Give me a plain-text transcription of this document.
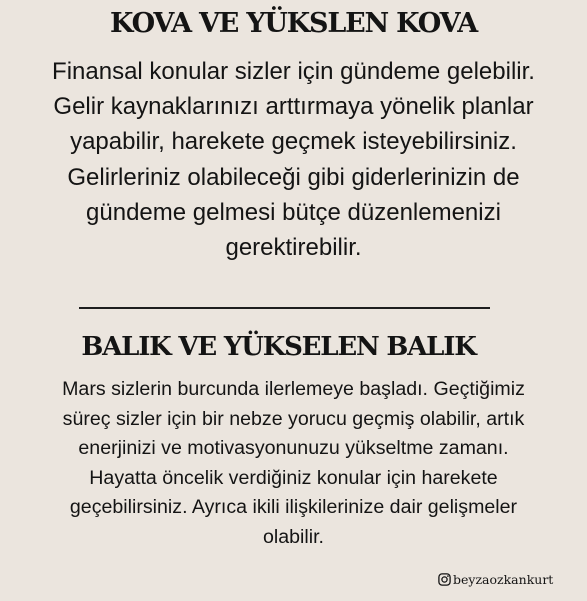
KOVA VE YÜKSLEN KOVA

Finansal konular sizler için gündeme gelebilir.
Gelir kaynaklarınızı arttırmaya yönelik planlar
yapabilir, harekete geçmek isteyebilirsiniz.
Gelirleriniz olabileceği gibi giderlerinizin de
gündeme gelmesi bütçe düzenlemenizi
gerektirebilir.

BALIK VE YÜKSELEN BALIK

Mars sizlerin burcunda ilerlemeye başladı. Geçtiğimiz
süreç sizler için bir nebze yorucu geçmiş olabilir, artık
enerjinizi ve motivasyonunuzu yükseltme zamanı.
Hayatta öncelik verdiğiniz konular için harekete
geçebilirsiniz. Ayrıca ikili ilişkilerinize dair gelişmeler
olabilir.

beyzaozkankurt
